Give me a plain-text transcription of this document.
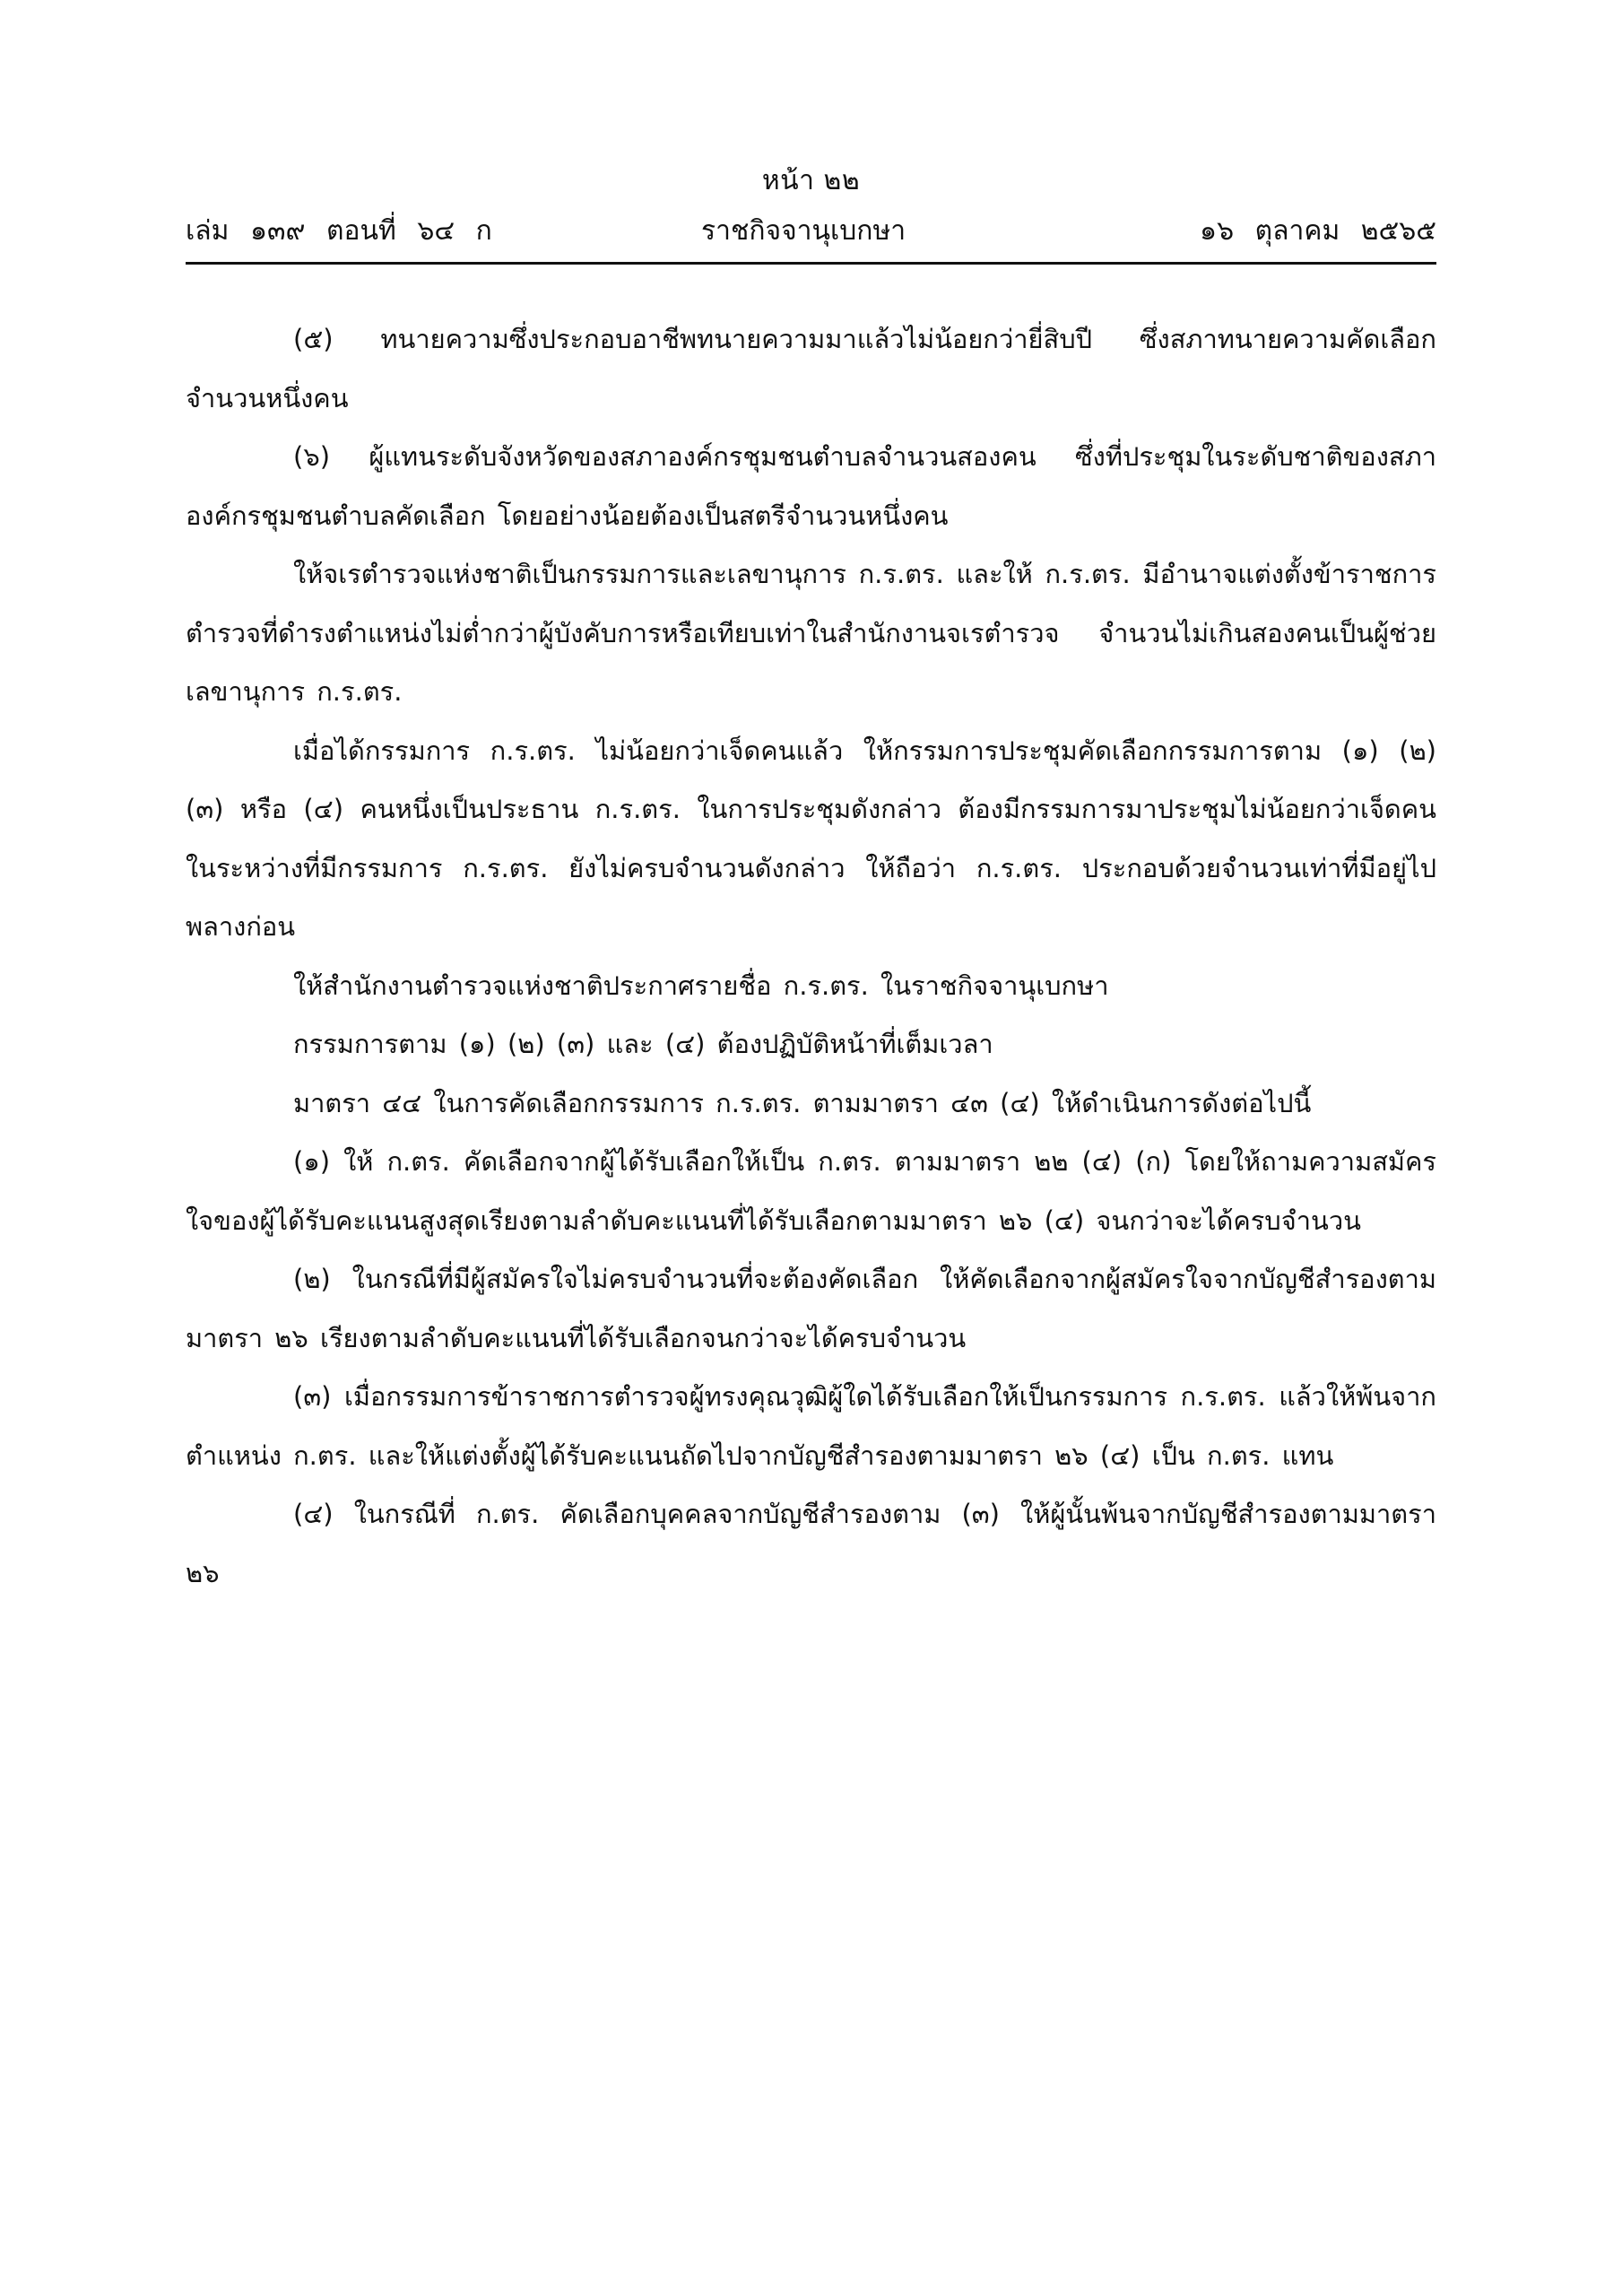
หน้า ๒๒
เล่ม ๑๓๙ ตอนที่ ๖๔ ก	ราชกิจจานุเบกษา	๑๖ ตุลาคม ๒๕๖๕

(๕) ทนายความซึ่งประกอบอาชีพทนายความมาแล้วไม่น้อยกว่ายี่สิบปี ซึ่งสภาทนายความคัดเลือกจำนวนหนึ่งคน

(๖) ผู้แทนระดับจังหวัดของสภาองค์กรชุมชนตำบลจำนวนสองคน ซึ่งที่ประชุมในระดับชาติของสภาองค์กรชุมชนตำบลคัดเลือก โดยอย่างน้อยต้องเป็นสตรีจำนวนหนึ่งคน

ให้จเรตำรวจแห่งชาติเป็นกรรมการและเลขานุการ ก.ร.ตร. และให้ ก.ร.ตร. มีอำนาจแต่งตั้งข้าราชการตำรวจที่ดำรงตำแหน่งไม่ต่ำกว่าผู้บังคับการหรือเทียบเท่าในสำนักงานจเรตำรวจ จำนวนไม่เกินสองคนเป็นผู้ช่วยเลขานุการ ก.ร.ตร.

เมื่อได้กรรมการ ก.ร.ตร. ไม่น้อยกว่าเจ็ดคนแล้ว ให้กรรมการประชุมคัดเลือกกรรมการตาม (๑) (๒) (๓) หรือ (๔) คนหนึ่งเป็นประธาน ก.ร.ตร. ในการประชุมดังกล่าว ต้องมีกรรมการมาประชุมไม่น้อยกว่าเจ็ดคน ในระหว่างที่มีกรรมการ ก.ร.ตร. ยังไม่ครบจำนวนดังกล่าว ให้ถือว่า ก.ร.ตร. ประกอบด้วยจำนวนเท่าที่มีอยู่ไปพลางก่อน

ให้สำนักงานตำรวจแห่งชาติประกาศรายชื่อ ก.ร.ตร. ในราชกิจจานุเบกษา

กรรมการตาม (๑) (๒) (๓) และ (๔) ต้องปฏิบัติหน้าที่เต็มเวลา

มาตรา ๔๔ ในการคัดเลือกกรรมการ ก.ร.ตร. ตามมาตรา ๔๓ (๔) ให้ดำเนินการดังต่อไปนี้

(๑) ให้ ก.ตร. คัดเลือกจากผู้ได้รับเลือกให้เป็น ก.ตร. ตามมาตรา ๒๒ (๔) (ก) โดยให้ถามความสมัครใจของผู้ได้รับคะแนนสูงสุดเรียงตามลำดับคะแนนที่ได้รับเลือกตามมาตรา ๒๖ (๔) จนกว่าจะได้ครบจำนวน

(๒) ในกรณีที่มีผู้สมัครใจไม่ครบจำนวนที่จะต้องคัดเลือก ให้คัดเลือกจากผู้สมัครใจจากบัญชีสำรองตามมาตรา ๒๖ เรียงตามลำดับคะแนนที่ได้รับเลือกจนกว่าจะได้ครบจำนวน

(๓) เมื่อกรรมการข้าราชการตำรวจผู้ทรงคุณวุฒิผู้ใดได้รับเลือกให้เป็นกรรมการ ก.ร.ตร. แล้วให้พ้นจากตำแหน่ง ก.ตร. และให้แต่งตั้งผู้ได้รับคะแนนถัดไปจากบัญชีสำรองตามมาตรา ๒๖ (๔) เป็น ก.ตร. แทน

(๔) ในกรณีที่ ก.ตร. คัดเลือกบุคคลจากบัญชีสำรองตาม (๓) ให้ผู้นั้นพ้นจากบัญชีสำรองตามมาตรา ๒๖
